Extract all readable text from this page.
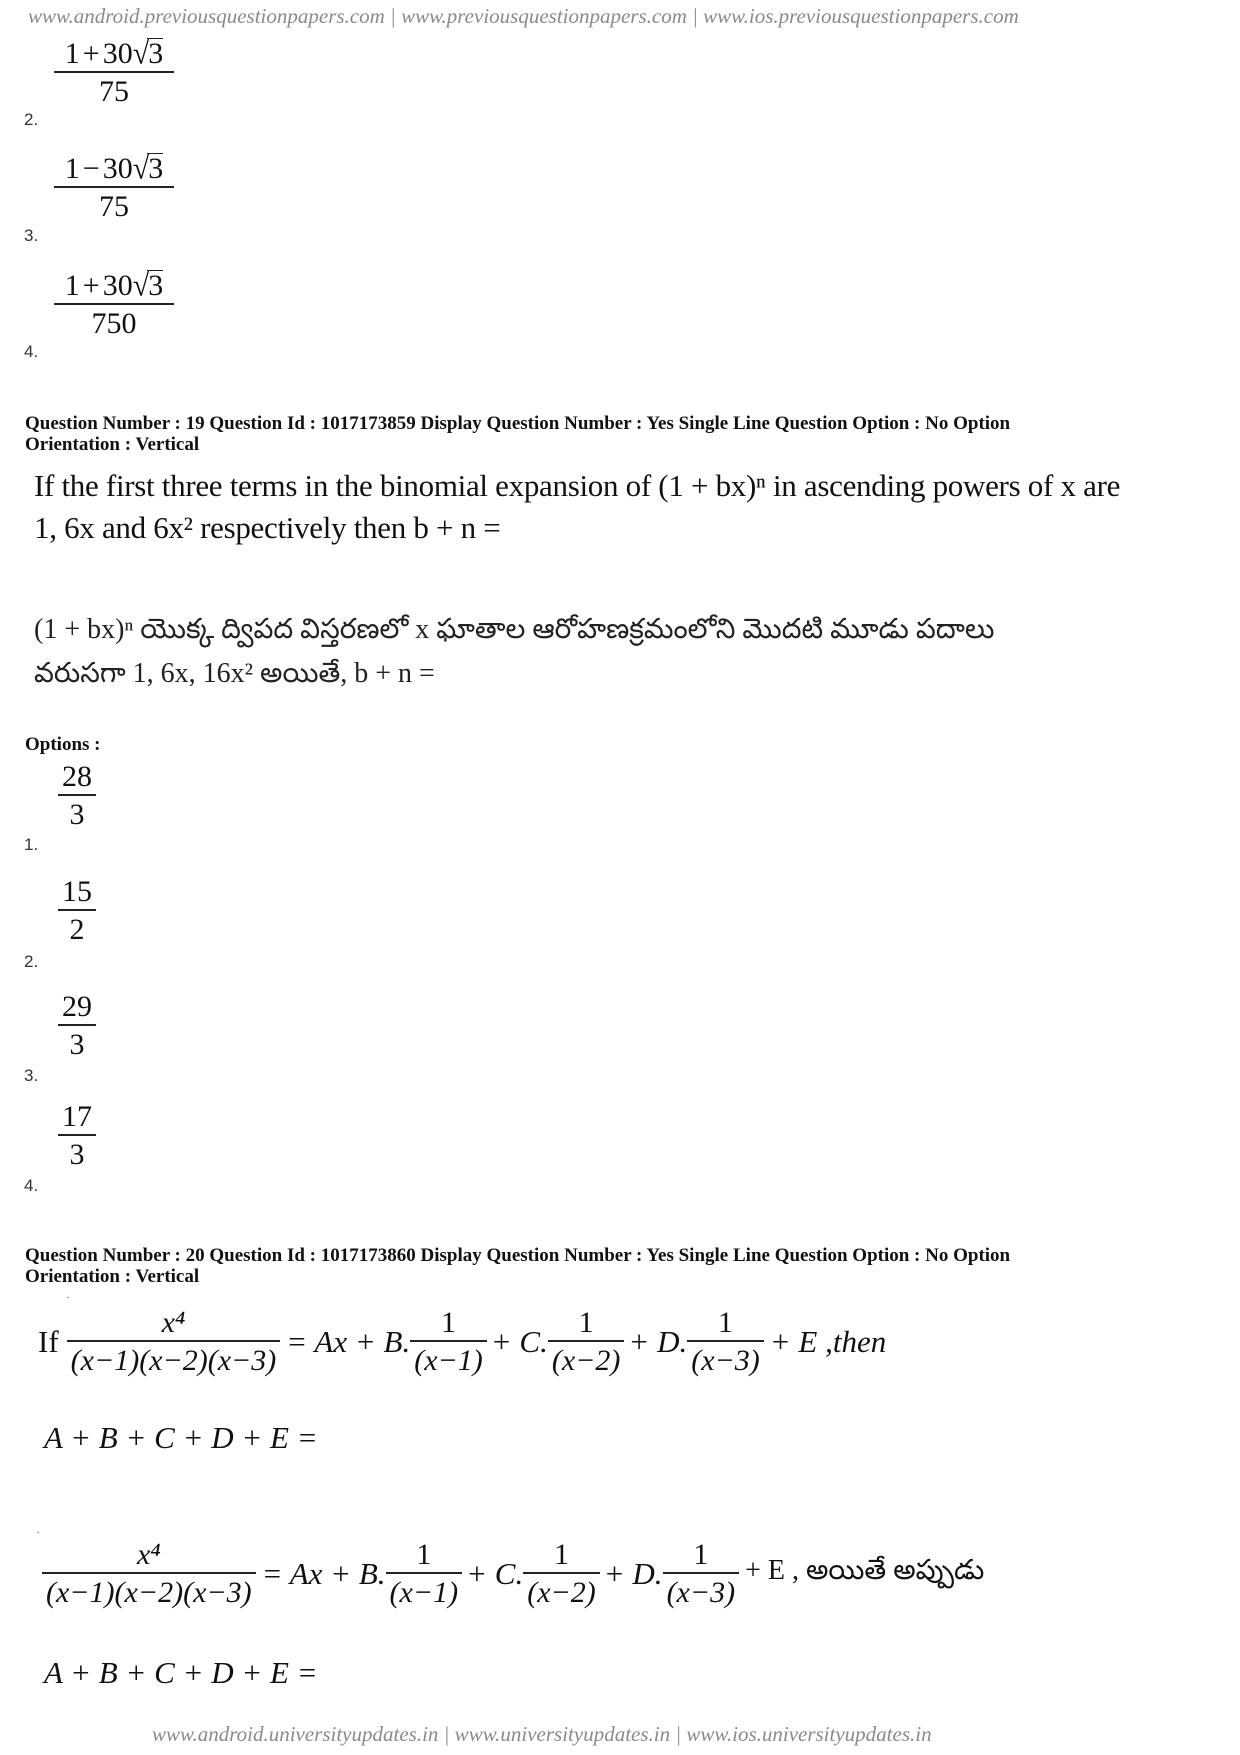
www.android.previousquestionpapers.com | www.previousquestionpapers.com | www.ios.previousquestionpapers.com
$\frac{1 + 30√3}{75}$
2.
$\frac{1 - 30√3}{75}$
3.
$\frac{1 + 30√3}{750}$
4.
Question Number : 19 Question Id : 1017173859 Display Question Number : Yes Single Line Question Option : No Option
Orientation : Vertical
If the first three terms in the binomial expansion of (1 + bx)ⁿ in ascending powers of x are
1, 6x and 6x² respectively then b + n =
(1 + bx)ⁿ యొక్క ద్విపద విస్తరణలో x ఘాతాల ఆరోహణక్రమంలోని మొదటి మూడు పదాలు
వరుసగా 1, 6x, 16x² అయితే, b + n =
Options :
$\frac{28}{3}$
1.
$\frac{15}{2}$
2.
$\frac{29}{3}$
3.
$\frac{17}{3}$
4.
Question Number : 20 Question Id : 1017173860 Display Question Number : Yes Single Line Question Option : No Option
Orientation : Vertical
·
If $\frac{\text{x⁴}}{(x-1)(x-2)(x-3)} = Ax + B$. $\frac{1}{(x-1)} + C$. $\frac{1}{(x-2)} + D$. $\frac{1}{(x-3)} + E$ ,then
A + B + C + D + E =
·
$\frac{\text{x⁴}}{(x-1)(x-2)(x-3)} = Ax + B$. $\frac{1}{(x-1)} + C$. $\frac{1}{(x-2)} + D$. $\frac{1}{(x-3)} + E$ , అయితే అప్పుడు
A + B + C + D + E =
www.android.universityupdates.in | www.universityupdates.in | www.ios.universityupdates.in
